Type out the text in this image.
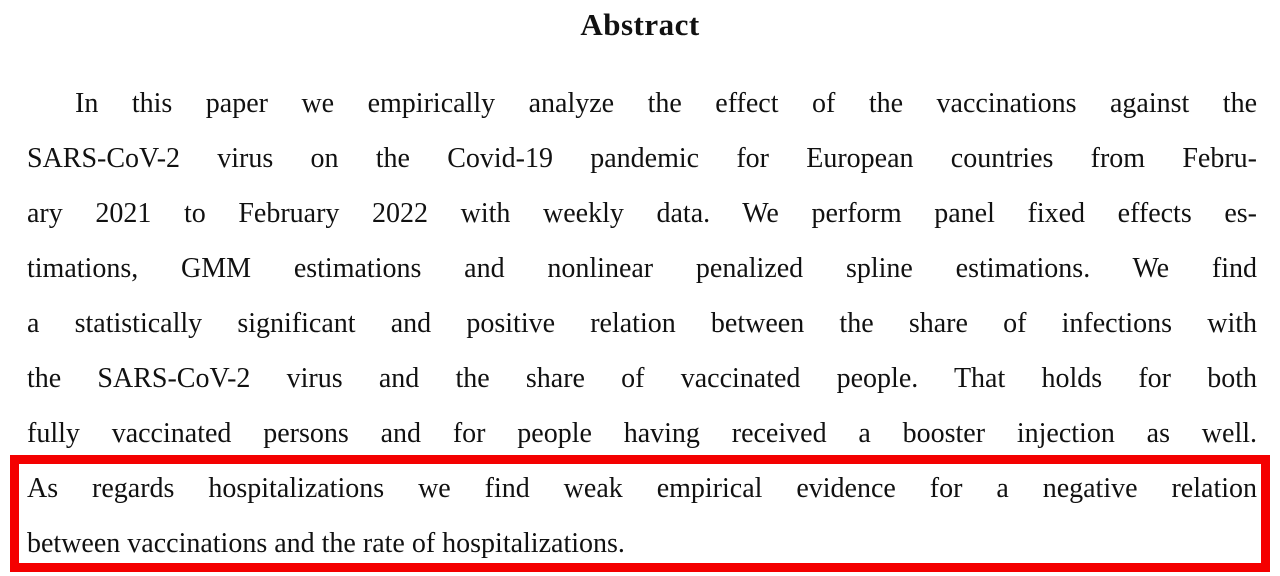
Abstract
In this paper we empirically analyze the effect of the vaccinations against the
SARS-CoV-2 virus on the Covid-19 pandemic for European countries from Febru-
ary 2021 to February 2022 with weekly data. We perform panel fixed effects es-
timations, GMM estimations and nonlinear penalized spline estimations. We find
a statistically significant and positive relation between the share of infections with
the SARS-CoV-2 virus and the share of vaccinated people. That holds for both
fully vaccinated persons and for people having received a booster injection as well.
As regards hospitalizations we find weak empirical evidence for a negative relation
between vaccinations and the rate of hospitalizations.
